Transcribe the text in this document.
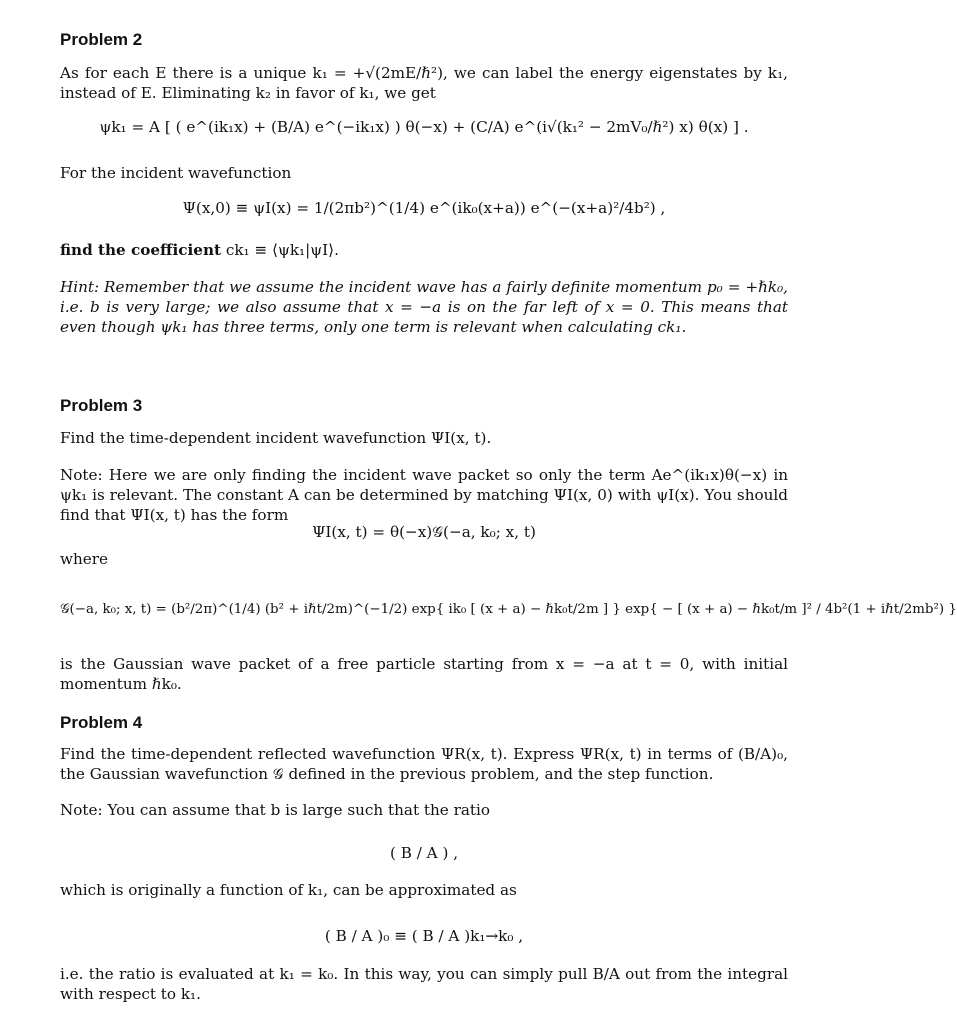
Problem 2
As for each E there is a unique k₁ = +√(2mE/ℏ²), we can label the energy eigenstates by k₁, instead of E. Eliminating k₂ in favor of k₁, we get
ψk₁ = A [ ( e^(ik₁x) + (B/A) e^(−ik₁x) ) θ(−x) + (C/A) e^(i√(k₁² − 2mV₀/ℏ²) x) θ(x) ] .
For the incident wavefunction
Ψ(x,0) ≡ ψI(x) = 1/(2πb²)^(1/4) e^(ik₀(x+a)) e^(−(x+a)²/4b²) ,
find the coefficient ck₁ ≡ ⟨ψk₁|ψI⟩.
Hint: Remember that we assume the incident wave has a fairly definite momentum p₀ = +ℏk₀, i.e. b is very large; we also assume that x = −a is on the far left of x = 0. This means that even though ψk₁ has three terms, only one term is relevant when calculating ck₁.
Problem 3
Find the time-dependent incident wavefunction ΨI(x, t).
Note: Here we are only finding the incident wave packet so only the term Ae^(ik₁x)θ(−x) in ψk₁ is relevant. The constant A can be determined by matching ΨI(x, 0) with ψI(x). You should find that ΨI(x, t) has the form
ΨI(x, t) = θ(−x)𝒢(−a, k₀; x, t)
where
𝒢(−a, k₀; x, t) = (b²/2π)^(1/4) (b² + iℏt/2m)^(−1/2) exp{ ik₀ [ (x + a) − ℏk₀t/2m ] } exp{ − [ (x + a) − ℏk₀t/m ]² / 4b²(1 + iℏt/2mb²) }
is the Gaussian wave packet of a free particle starting from x = −a at t = 0, with initial momentum ℏk₀.
Problem 4
Find the time-dependent reflected wavefunction ΨR(x, t). Express ΨR(x, t) in terms of (B/A)₀, the Gaussian wavefunction 𝒢 defined in the previous problem, and the step function.
Note: You can assume that b is large such that the ratio
( B / A ) ,
which is originally a function of k₁, can be approximated as
( B / A )₀ ≡ ( B / A )k₁→k₀ ,
i.e. the ratio is evaluated at k₁ = k₀. In this way, you can simply pull B/A out from the integral with respect to k₁.
